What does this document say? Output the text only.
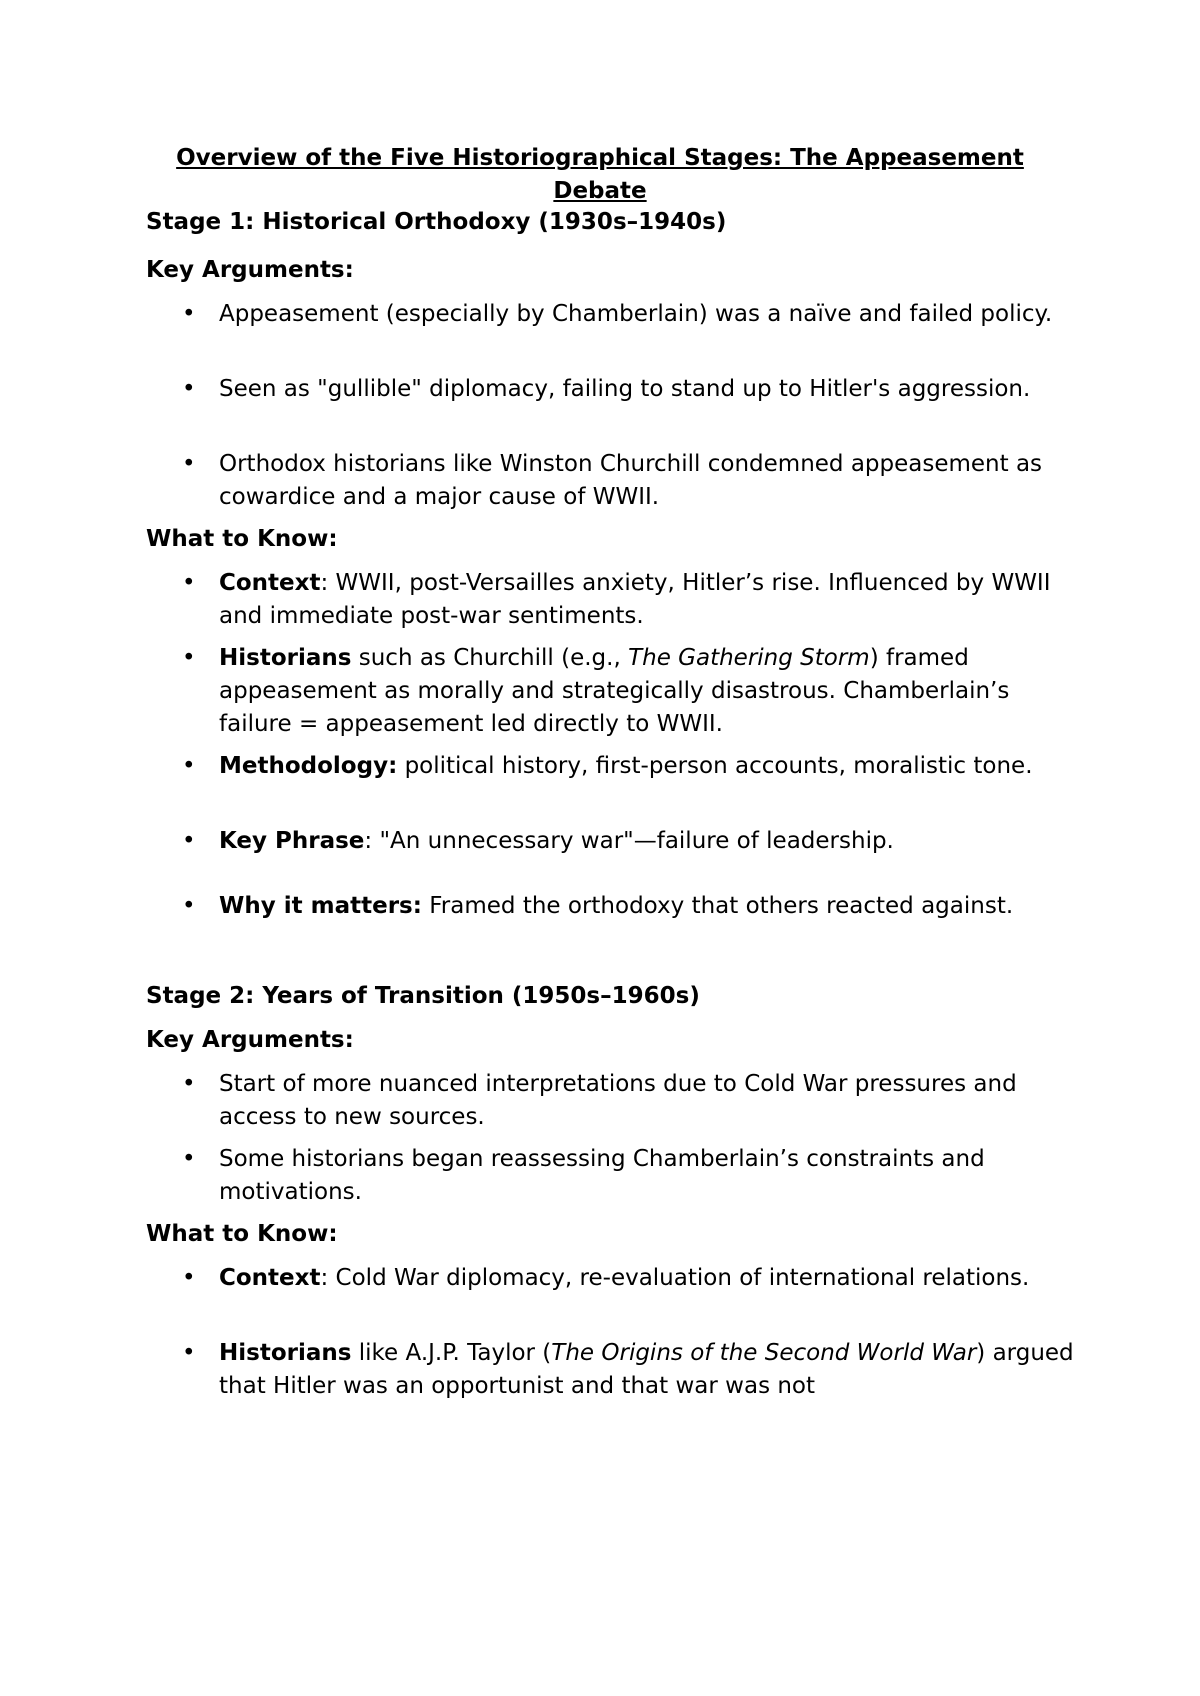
Overview of the Five Historiographical Stages: The Appeasement Debate
Stage 1: Historical Orthodoxy (1930s–1940s)
Key Arguments:
• Appeasement (especially by Chamberlain) was a naïve and failed policy.
• Seen as "gullible" diplomacy, failing to stand up to Hitler's aggression.
• Orthodox historians like Winston Churchill condemned appeasement as cowardice and a major cause of WWII.
What to Know:
• Context: WWII, post-Versailles anxiety, Hitler’s rise. Influenced by WWII and immediate post-war sentiments.
• Historians such as Churchill (e.g., The Gathering Storm) framed appeasement as morally and strategically disastrous. Chamberlain’s failure = appeasement led directly to WWII.
• Methodology: political history, first-person accounts, moralistic tone.
• Key Phrase: "An unnecessary war"—failure of leadership.
• Why it matters: Framed the orthodoxy that others reacted against.
Stage 2: Years of Transition (1950s–1960s)
Key Arguments:
• Start of more nuanced interpretations due to Cold War pressures and access to new sources.
• Some historians began reassessing Chamberlain’s constraints and motivations.
What to Know:
• Context: Cold War diplomacy, re-evaluation of international relations.
• Historians like A.J.P. Taylor (The Origins of the Second World War) argued that Hitler was an opportunist and that war was not
